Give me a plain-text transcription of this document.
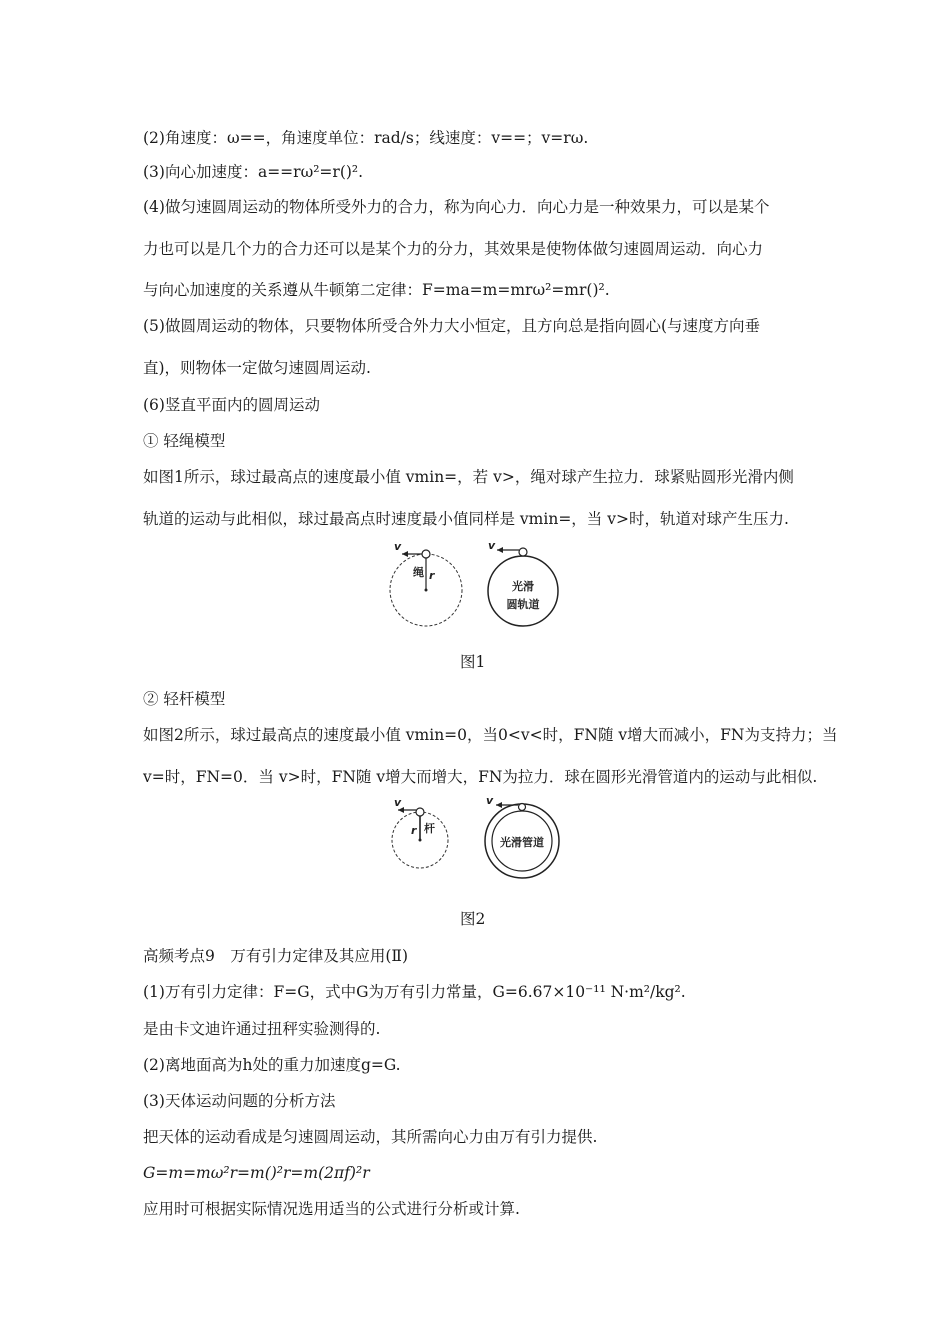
(2)角速度：ω==，角速度单位：rad/s；线速度：v==；v=rω.
(3)向心加速度：a==rω²=r()².
(4)做匀速圆周运动的物体所受外力的合力，称为向心力．向心力是一种效果力，可以是某个
力也可以是几个力的合力还可以是某个力的分力，其效果是使物体做匀速圆周运动．向心力
与向心加速度的关系遵从牛顿第二定律：F=ma=m=mrω²=mr()².
(5)做圆周运动的物体，只要物体所受合外力大小恒定，且方向总是指向圆心(与速度方向垂
直)，则物体一定做匀速圆周运动.
(6)竖直平面内的圆周运动
① 轻绳模型
如图1所示，球过最高点的速度最小值 vmin=，若 v>，绳对球产生拉力．球紧贴圆形光滑内侧
轨道的运动与此相似，球过最高点时速度最小值同样是 vmin=，当 v>时，轨道对球产生压力.
v
绳 r
v
光滑
圆轨道
图1
② 轻杆模型
如图2所示，球过最高点的速度最小值 vmin=0，当0<v<时，FN随 v增大而减小，FN为支持力；当
v=时，FN=0．当 v>时，FN随 v增大而增大，FN为拉力．球在圆形光滑管道内的运动与此相似.
v
r 杆
v
光滑管道
图2
高频考点9　万有引力定律及其应用(Ⅱ)
(1)万有引力定律：F=G，式中G为万有引力常量，G=6.67×10⁻¹¹ N·m²/kg².
是由卡文迪许通过扭秤实验测得的.
(2)离地面高为h处的重力加速度g=G.
(3)天体运动问题的分析方法
把天体的运动看成是匀速圆周运动，其所需向心力由万有引力提供.
G=m=mω²r=m()²r=m(2πf)²r
应用时可根据实际情况选用适当的公式进行分析或计算.
